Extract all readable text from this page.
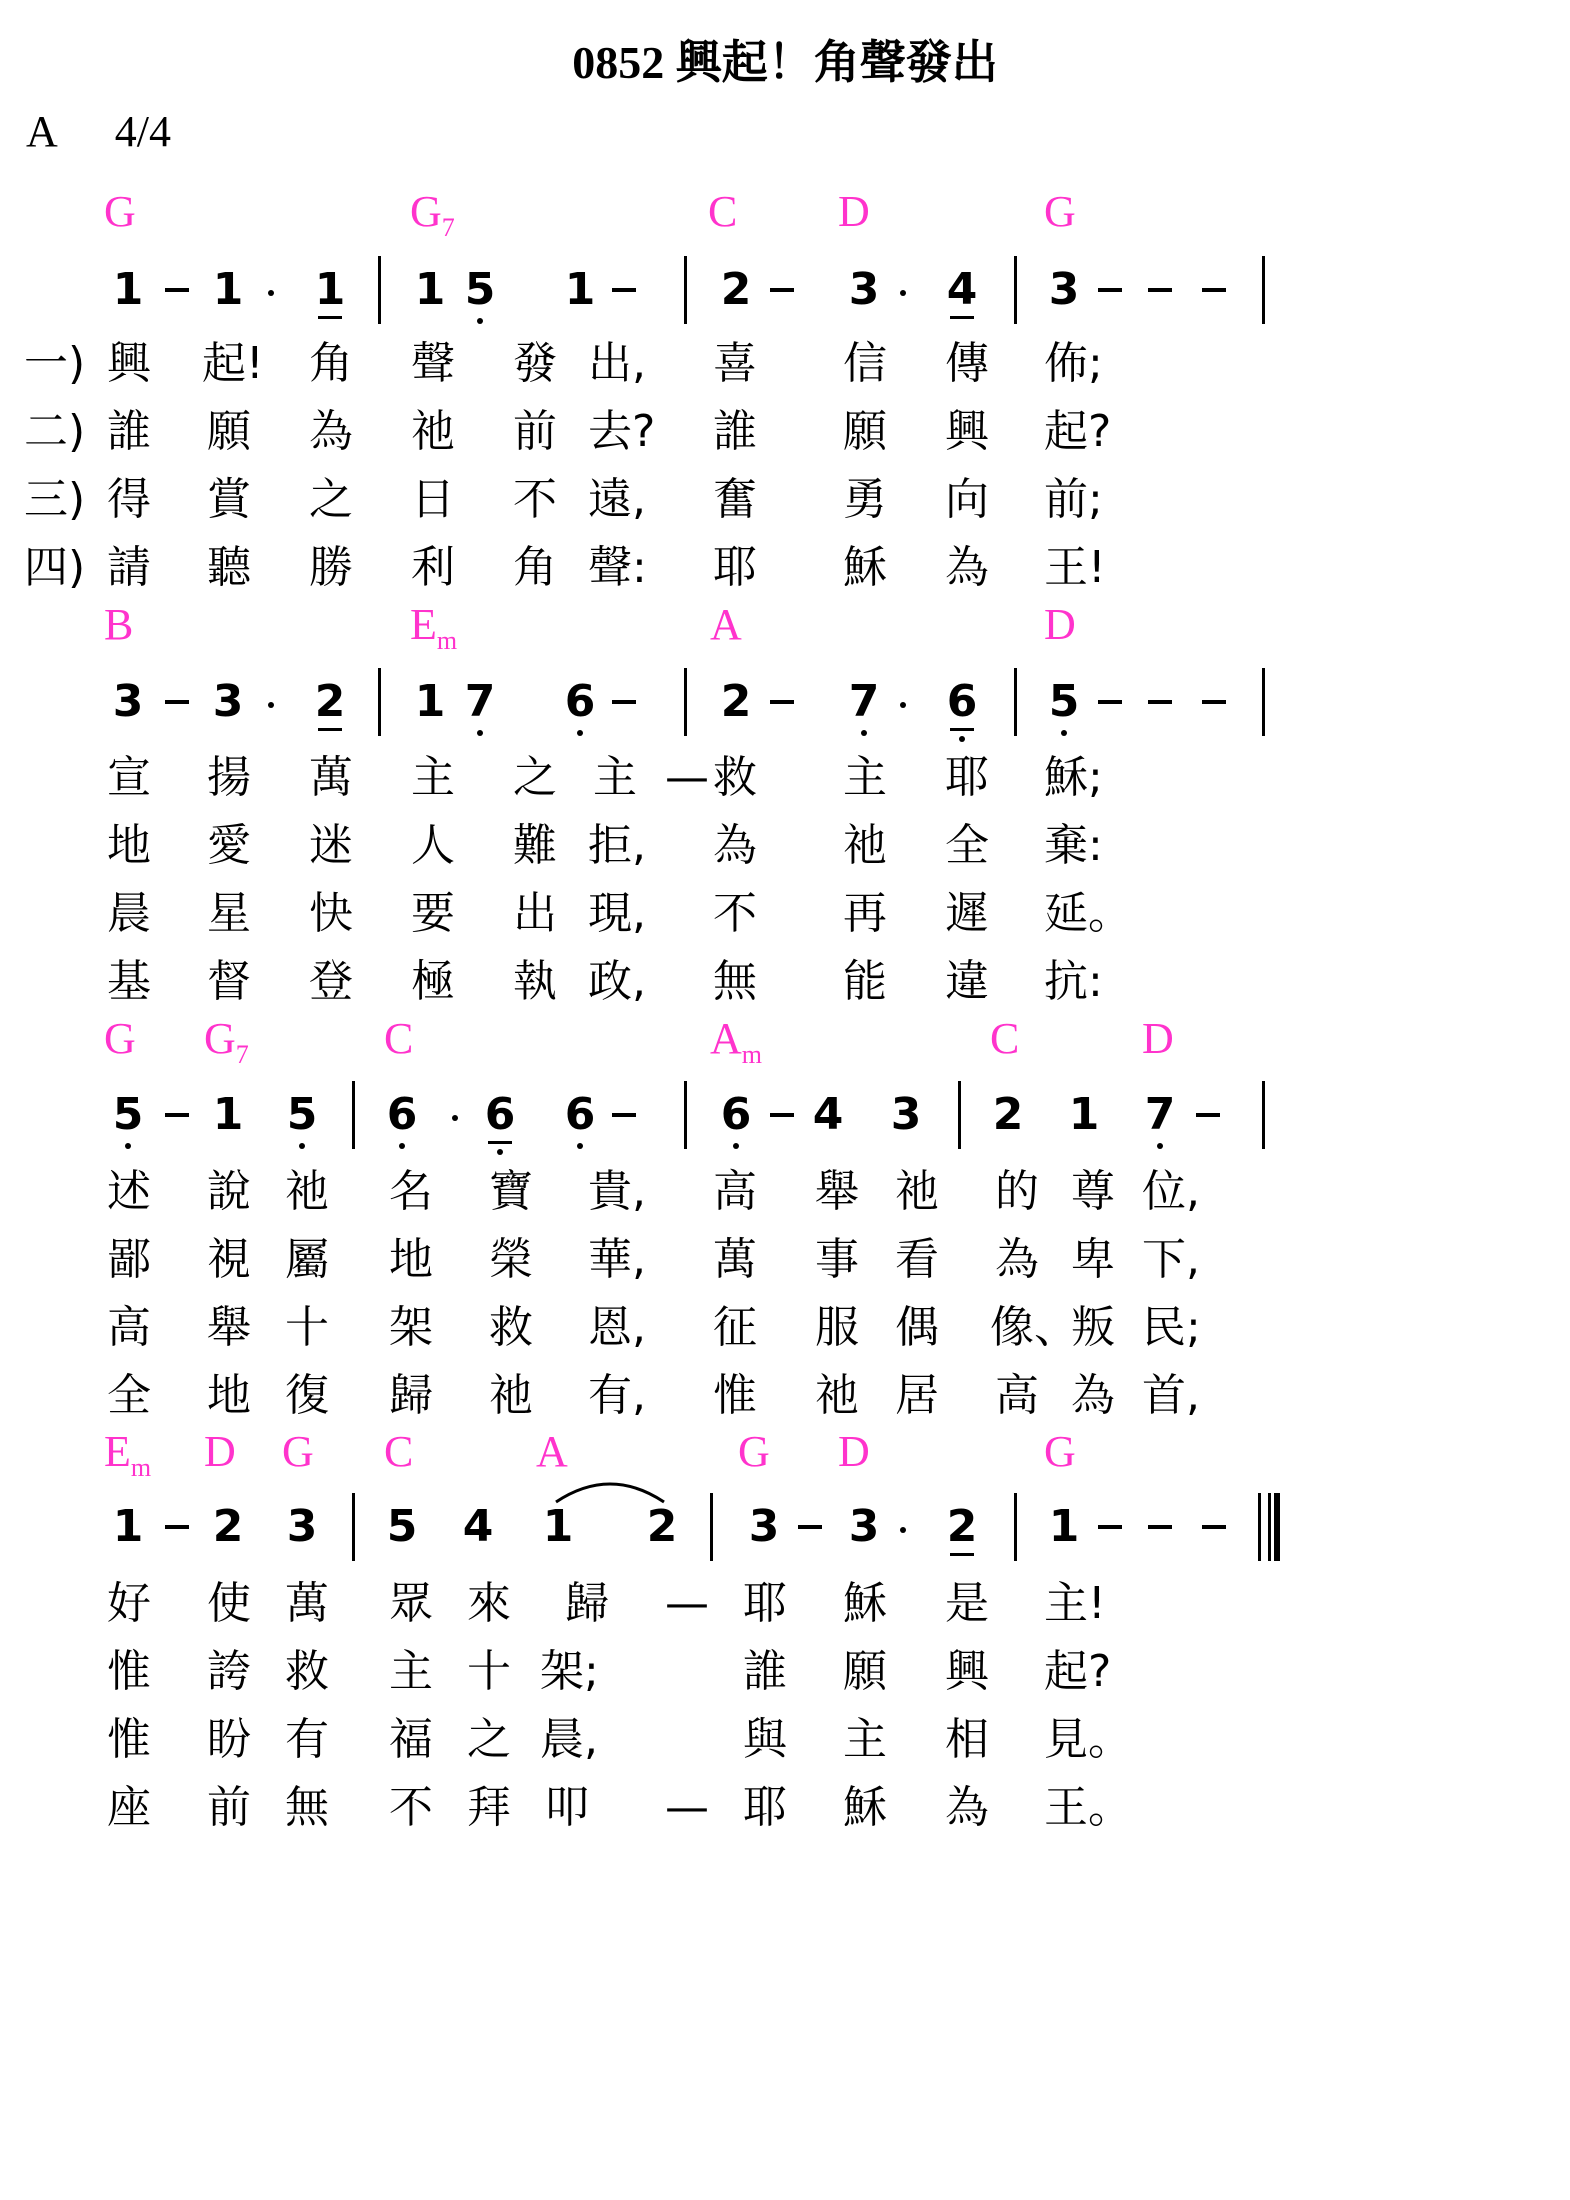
0852 興起！角聲發出
A 4/4
G	$G_7$	C D	G
B	$E_m$	A	D
G $G_7$	C	$A_m$	C	D
$E_m$ D G C	A	G D	G
1 1 1 1 5 1	2 3 4 3
3 3 2 1 7 6	2 7 6 5
5 1 5 6 6 6	6 4 3 2 1 7
1 2 3 5 4 1 2 3 3 2 1
一)
二)
三)
四)
興 起! 角 聲 發 出, 喜 信 傳 佈;
誰 願 為 祂 前 去? 誰 願 興 起?
得 賞 之 日 不 遠, 奮 勇 向 前;
請 聽 勝 利 角 聲: 耶 穌 為 王!
宣 揚 萬 主 之 主 — 救 主 耶 穌;
地 愛 迷 人 難 拒, 為 祂 全 棄:
晨 星 快 要 出 現, 不 再 遲 延。
基 督 登 極 執 政, 無 能 違 抗:
述 說 祂 名 寶 貴, 高 舉 祂 的 尊 位,
鄙 視 屬 地 榮 華, 萬 事 看 為 卑 下,
高 舉 十 架 救 恩, 征 服 偶 像、
叛 民;
全 地 復 歸 祂 有, 惟 祂 居 高 為 首,
好 使 萬 眾 來 歸 — 耶 穌 是 主!
惟 誇 救 主 十 架;	誰 願 興 起?
惟 盼 有 福 之 晨,	與 主 相 見。
座 前 無 不 拜 叩 — 耶 穌 為 王。
